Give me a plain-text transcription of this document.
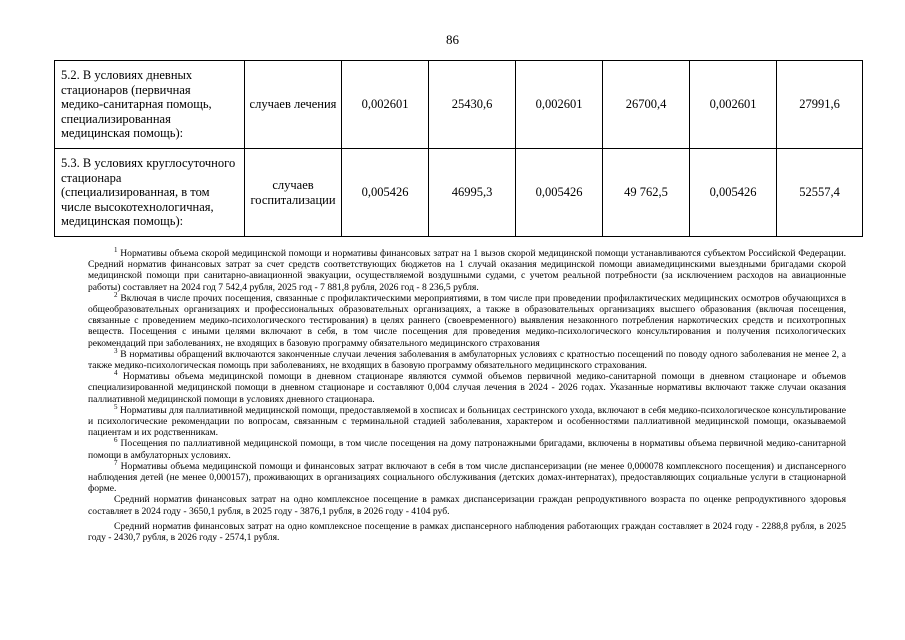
86
5.2. В условиях дневных
стационаров (первичная
медико-санитарная помощь,
специализированная
медицинская помощь):	случаев лечения	0,002601	25430,6	0,002601	26700,4	0,002601	27991,6
5.3. В условиях круглосуточного
стационара
(специализированная, в том
числе высокотехнологичная,
медицинская помощь):	случаев
госпитализации	0,005426	46995,3	0,005426	49 762,5	0,005426	52557,4

$^1$ Нормативы объема скорой медицинской помощи и нормативы финансовых затрат на 1 вызов скорой медицинской помощи устанавливаются субъектом Российской Федерации. Средний норматив финансовых затрат за счет средств соответствующих бюджетов на 1 случай оказания медицинской помощи авиамедицинскими выездными бригадами скорой медицинской помощи при санитарно-авиационной эвакуации, осуществляемой воздушными судами, с учетом реальной потребности (за исключением расходов на авиационные работы) составляет на 2024 год 7 542,4 рубля, 2025 год - 7 881,8 рубля, 2026 год - 8 236,5 рубля.

$^2$ Включая в числе прочих посещения, связанные с профилактическими мероприятиями, в том числе при проведении профилактических медицинских осмотров обучающихся в общеобразовательных организациях и профессиональных образовательных организациях, а также в образовательных организациях высшего образования (включая посещения, связанные с проведением медико-психологического тестирования) в целях раннего (своевременного) выявления незаконного потребления наркотических средств и психотропных веществ. Посещения с иными целями включают в себя, в том числе посещения для проведения медико-психологического консультирования и получения психологических рекомендаций при заболеваниях, не входящих в базовую программу обязательного медицинского страхования

$^3$ В нормативы обращений включаются законченные случаи лечения заболевания в амбулаторных условиях с кратностью посещений по поводу одного заболевания не менее 2, а также медико-психологическая помощь при заболеваниях, не входящих в базовую программу обязательного медицинского страхования.

$^4$ Нормативы объема медицинской помощи в дневном стационаре являются суммой объемов первичной медико-санитарной помощи в дневном стационаре и объемов специализированной медицинской помощи в дневном стационаре и составляют 0,004 случая лечения в 2024 - 2026 годах. Указанные нормативы включают также случаи оказания паллиативной медицинской помощи в условиях дневного стационара.

$^5$ Нормативы для паллиативной медицинской помощи, предоставляемой в хосписах и больницах сестринского ухода, включают в себя медико-психологическое консультирование и психологические рекомендации по вопросам, связанным с терминальной стадией заболевания, характером и особенностями паллиативной медицинской помощи, оказываемой пациентам и их родственникам.

$^6$ Посещения по паллиативной медицинской помощи, в том числе посещения на дому патронажными бригадами, включены в нормативы объема первичной медико-санитарной помощи в амбулаторных условиях.

$^7$ Нормативы объема медицинской помощи и финансовых затрат включают в себя в том числе диспансеризации (не менее 0,000078 комплексного посещения) и диспансерного наблюдения детей (не менее 0,000157), проживающих в организациях социального обслуживания (детских домах-интернатах), предоставляющих социальные услуги в стационарной форме.

Средний норматив финансовых затрат на одно комплексное посещение в рамках диспансеризации граждан репродуктивного возраста по оценке репродуктивного здоровья составляет в 2024 году - 3650,1 рубля, в 2025 году - 3876,1 рубля, в 2026 году - 4104 руб.

Средний норматив финансовых затрат на одно комплексное посещение в рамках диспансерного наблюдения работающих граждан составляет в 2024 году - 2288,8 рубля, в 2025 году - 2430,7 рубля, в 2026 году - 2574,1 рубля.
